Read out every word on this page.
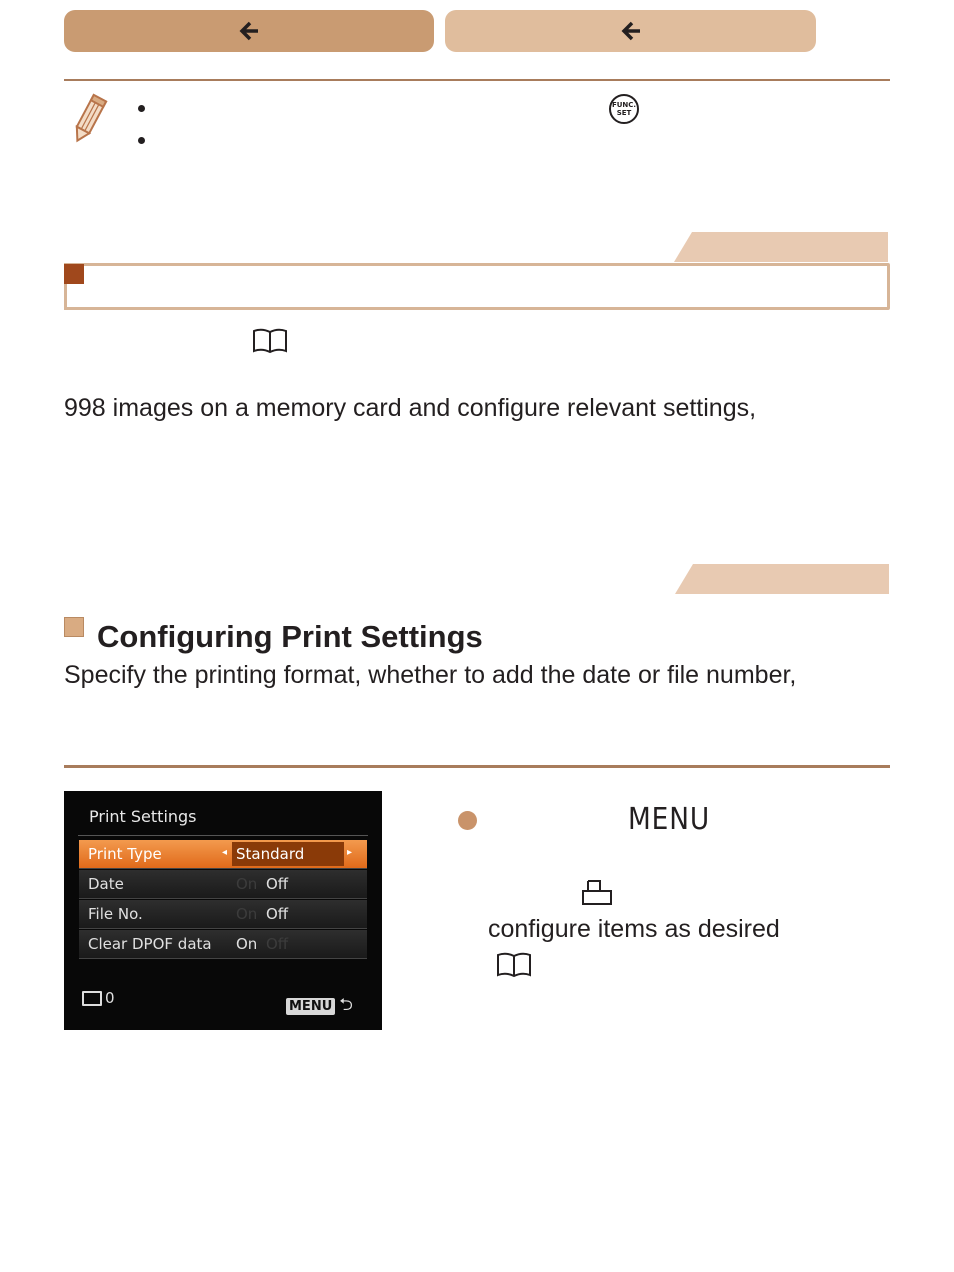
FUNC.
SET
998 images on a memory card and configure relevant settings,
Configuring Print Settings
Specify the printing format, whether to add the date or file number,
Print Settings
Print Type	◂ Standard	▸
Date	On Off
File No.	On Off
Clear DPOF data On Off
0	MENU ⮌
MENU
configure items as desired
